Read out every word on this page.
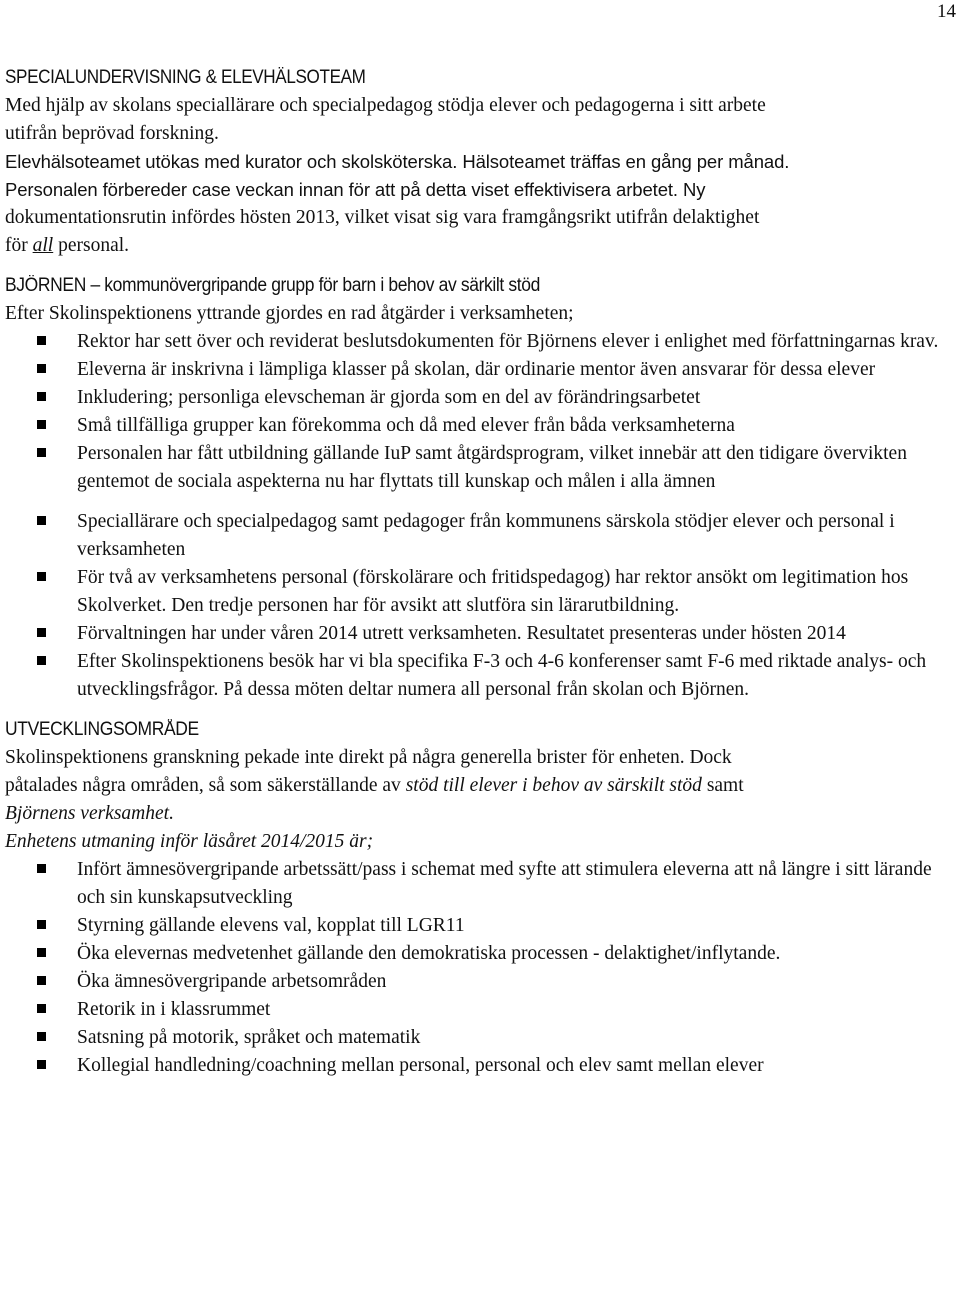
14
SPECIALUNDERVISNING & ELEVHÄLSOTEAM

Med hjälp av skolans speciallärare och specialpedagog stödja elever och pedagogerna i sitt arbete

utifrån beprövad forskning.

Elevhälsoteamet utökas med kurator och skolsköterska. Hälsoteamet träffas en gång per månad.

Personalen förbereder case veckan innan för att på detta viset effektivisera arbetet. Ny

dokumentationsrutin infördes hösten 2013, vilket visat sig vara framgångsrikt utifrån delaktighet

för all personal.

BJÖRNEN – kommunövergripande grupp för barn i behov av särkilt stöd

Efter Skolinspektionens yttrande gjordes en rad åtgärder i verksamheten;

Rektor har sett över och reviderat beslutsdokumenten för Björnens elever i enlighet med författningarnas krav.
Eleverna är inskrivna i lämpliga klasser på skolan, där ordinarie mentor även ansvarar för dessa elever
Inkludering; personliga elevscheman är gjorda som en del av förändringsarbetet
Små tillfälliga grupper kan förekomma och då med elever från båda verksamheterna
Personalen har fått utbildning gällande IuP samt åtgärdsprogram, vilket innebär att den tidigare övervikten gentemot de sociala aspekterna nu har flyttats till kunskap och målen i alla ämnen
Speciallärare och specialpedagog samt pedagoger från kommunens särskola stödjer elever och personal i verksamheten
För två av verksamhetens personal (förskolärare och fritidspedagog) har rektor ansökt om legitimation hos Skolverket. Den tredje personen har för avsikt att slutföra sin lärarutbildning.
Förvaltningen har under våren 2014 utrett verksamheten. Resultatet presenteras under hösten 2014
Efter Skolinspektionens besök har vi bla specifika F-3 och 4-6 konferenser samt F-6 med riktade analys- och utvecklingsfrågor. På dessa möten deltar numera all personal från skolan och Björnen.
UTVECKLINGSOMRÅDE

Skolinspektionens granskning pekade inte direkt på några generella brister för enheten. Dock

påtalades några områden, så som säkerställande av stöd till elever i behov av särskilt stöd samt

Björnens verksamhet.

Enhetens utmaning inför läsåret 2014/2015 är;

Infört ämnesövergripande arbetssätt/pass i schemat med syfte att stimulera eleverna att nå längre i sitt lärande och sin kunskapsutveckling
Styrning gällande elevens val, kopplat till LGR11
Öka elevernas medvetenhet gällande den demokratiska processen - delaktighet/inflytande.
Öka ämnesövergripande arbetsområden
Retorik in i klassrummet
Satsning på motorik, språket och matematik
Kollegial handledning/coachning mellan personal, personal och elev samt mellan elever
